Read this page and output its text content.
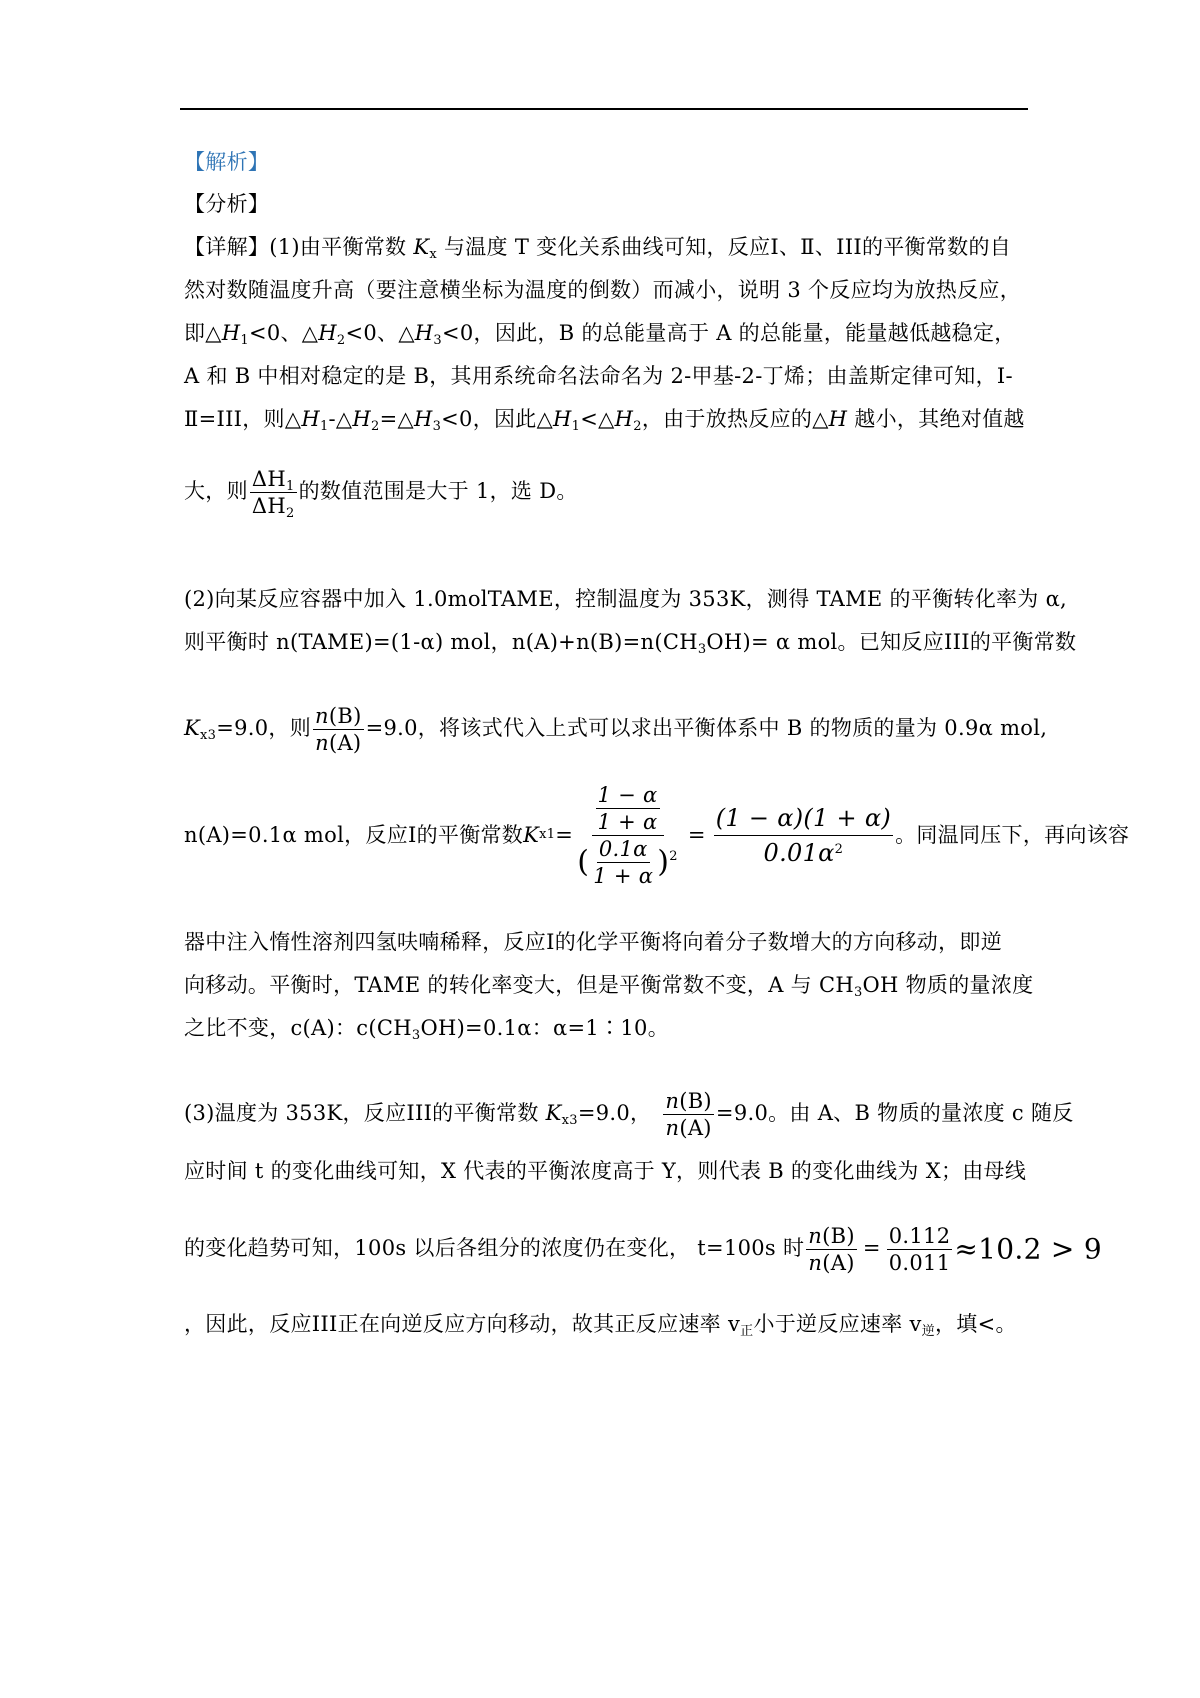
【解析】
【分析】
【详解】(1)由平衡常数 $K_x$ 与温度 T 变化关系曲线可知，反应Ⅰ、Ⅱ、III的平衡常数的自
然对数随温度升高（要注意横坐标为温度的倒数）而减小，说明 3 个反应均为放热反应，
即$\triangle H_1<0$、$\triangle H_2<0$、$\triangle H_3<0$，因此，B 的总能量高于 A 的总能量，能量越低越稳定，
A 和 B 中相对稳定的是 B，其用系统命名法命名为 2-甲基-2-丁烯；由盖斯定律可知，Ⅰ-
Ⅱ=III，则$\triangle H_1-\triangle H_2=\triangle H_3<0$，因此$\triangle H_1<\triangle H_2$，由于放热反应的△H 越小，其绝对值越
大，则 $\frac{\Delta H_1}{\Delta H_2}$ 的数值范围是大于 1，选 D。
(2)向某反应容器中加入 1.0molTAME，控制温度为 353K，测得 TAME 的平衡转化率为 α,
则平衡时 n(TAME)=(1-α) mol，$n(A)+n(B)=n(CH_3OH)= \alpha$ mol。已知反应III的平衡常数
$K_{x3}=9.0$，则 $\frac{n(B)}{n(A)} =9.0$，将该式代入上式可以求出平衡体系中 B 的物质的量为 0.9α mol,
n(A)=0.1α mol，反应Ⅰ的平衡常数 K $x1 = \frac{\frac{1 - \alpha}{1 + \alpha}}{( \frac{0.1\alpha}{1 + \alpha} )^2} = \frac{(1 - \alpha)(1 + \alpha)}{0.01\alpha^2}$ 。同温同压下，再向该容
器中注入惰性溶剂四氢呋喃稀释，反应Ⅰ的化学平衡将向着分子数增大的方向移动，即逆
向移动。平衡时，TAME 的转化率变大，但是平衡常数不变，A 与 $CH_3OH$ 物质的量浓度
之比不变，c(A)：$c(CH_3OH)=0.1\alpha$：α=1∶10。
(3)温度为 353K，反应III的平衡常数 $K_{x3}=9.0$， $\frac{n(B)}{n(A)} =9.0$。由 A、B 物质的量浓度 c 随反
应时间 t 的变化曲线可知，X 代表的平衡浓度高于 Y，则代表 B 的变化曲线为 X；由母线
的变化趋势可知，100s 以后各组分的浓度仍在变化， t=100s 时 $\frac{n(B)}{n(A)} = \frac{0.112}{0.011} \approx 10.2 > 9$
，因此，反应III正在向逆反应方向移动，故其正反应速率 $v_正$小于逆反应速率 $v_逆$，填<。
